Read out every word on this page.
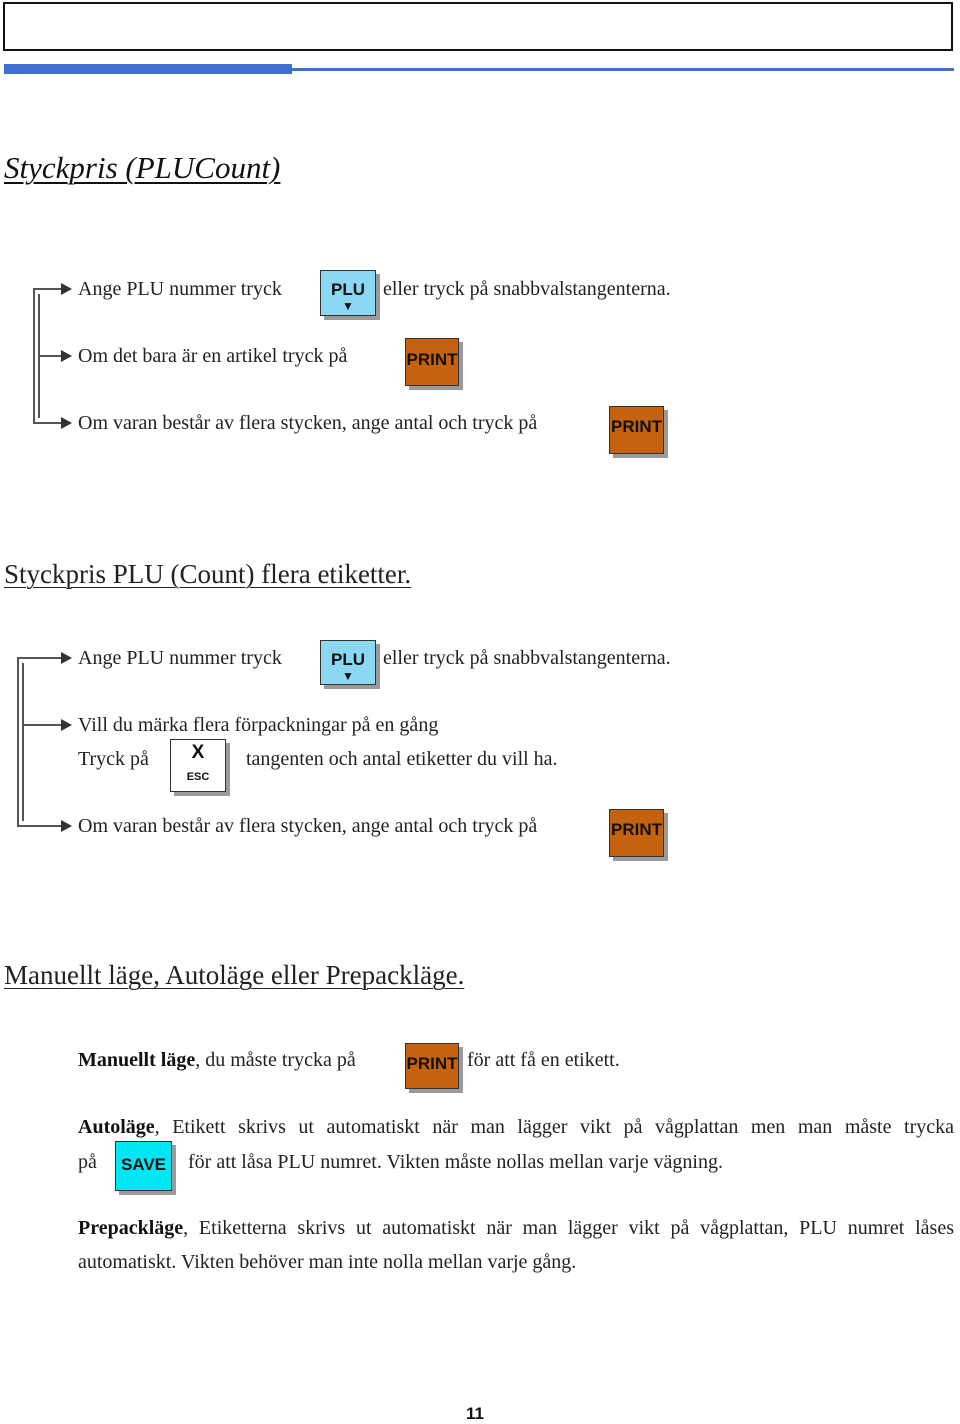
Styckpris (PLUCount)
Ange PLU nummer tryck	PLU
▼
eller tryck på snabbvalstangenterna.
Om det bara är en artikel tryck på	PRINT
Om varan består av flera stycken, ange antal och tryck på	PRINT
Styckpris PLU (Count) flera etiketter.
Ange PLU nummer tryck	PLU
▼
eller tryck på snabbvalstangenterna.
Vill du märka flera förpackningar på en gång
Tryck på	X
ESC
tangenten och antal etiketter du vill ha.
Om varan består av flera stycken, ange antal och tryck på	PRINT
Manuellt läge, Autoläge eller Prepackläge.
Manuellt läge, du måste trycka på	PRINT för att få en etikett.
Autoläge, Etikett skrivs ut automatiskt när man lägger vikt på vågplattan men man måste trycka
på SAVE för att låsa PLU numret. Vikten måste nollas mellan varje vägning.
Prepackläge, Etiketterna skrivs ut automatiskt när man lägger vikt på vågplattan, PLU numret låses automatiskt. Vikten behöver man inte nolla mellan varje gång.
11
